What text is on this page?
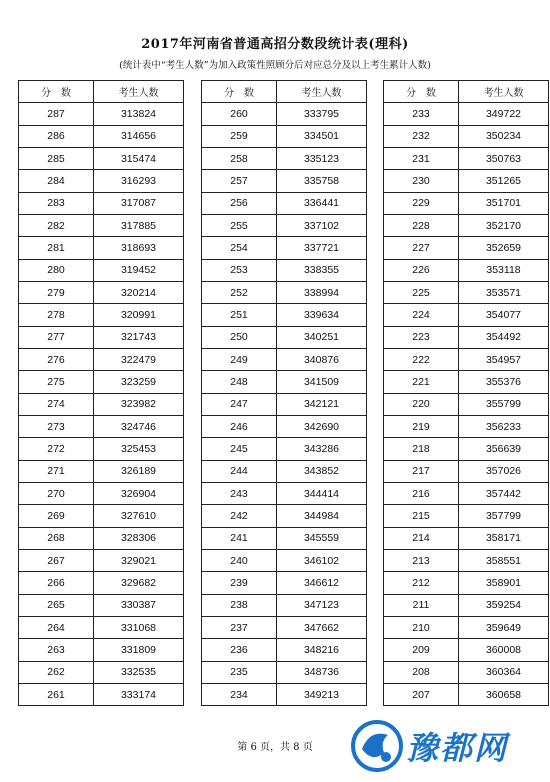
2017年河南省普通高招分数段统计表(理科)
(统计表中“考生人数”为加入政策性照顾分后对应总分及以上考生累计人数)
分　数	考生人数
287	313824
286	314656
285	315474
284	316293
283	317087
282	317885
281	318693
280	319452
279	320214
278	320991
277	321743
276	322479
275	323259
274	323982
273	324746
272	325453
271	326189
270	326904
269	327610
268	328306
267	329021
266	329682
265	330387
264	331068
263	331809
262	332535
261	333174
分　数	考生人数
260	333795
259	334501
258	335123
257	335758
256	336441
255	337102
254	337721
253	338355
252	338994
251	339634
250	340251
249	340876
248	341509
247	342121
246	342690
245	343286
244	343852
243	344414
242	344984
241	345559
240	346102
239	346612
238	347123
237	347662
236	348216
235	348736
234	349213
分　数	考生人数
233	349722
232	350234
231	350763
230	351265
229	351701
228	352170
227	352659
226	353118
225	353571
224	354077
223	354492
222	354957
221	355376
220	355799
219	356233
218	356639
217	357026
216	357442
215	357799
214	358171
213	358551
212	358901
211	359254
210	359649
209	360008
208	360364
207	360658
第 6 页，共 8 页	豫都网
